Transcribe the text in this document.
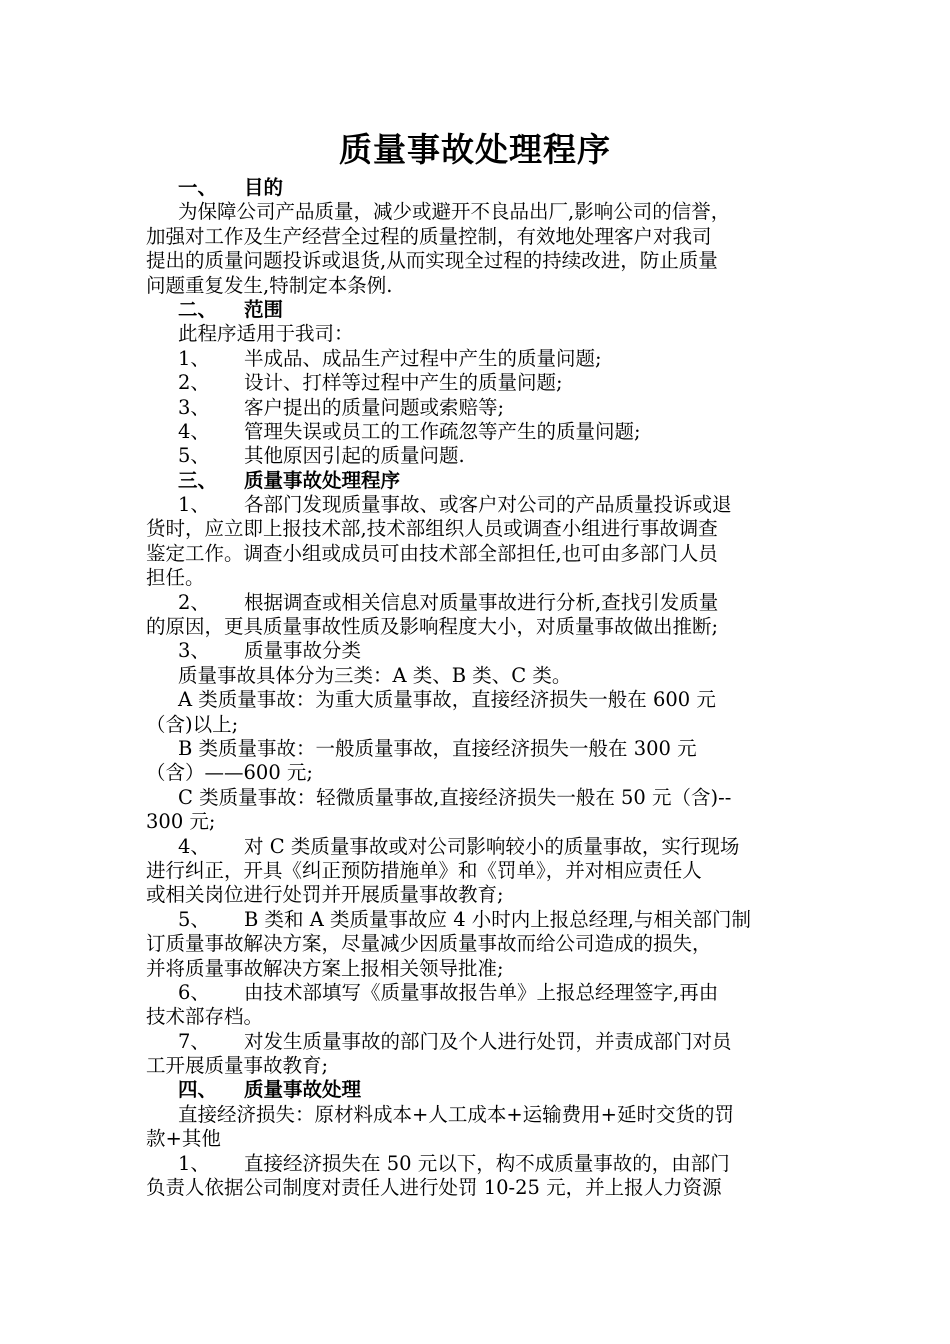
质量事故处理程序
一、 目的
为保障公司产品质量，减少或避开不良品出厂,影响公司的信誉，
加强对工作及生产经营全过程的质量控制，有效地处理客户对我司
提出的质量问题投诉或退货,从而实现全过程的持续改进，防止质量
问题重复发生,特制定本条例.
二、 范围
此程序适用于我司：
1、 半成品、成品生产过程中产生的质量问题;
2、 设计、打样等过程中产生的质量问题;
3、 客户提出的质量问题或索赔等;
4、 管理失误或员工的工作疏忽等产生的质量问题;
5、 其他原因引起的质量问题.
三、 质量事故处理程序
1、 各部门发现质量事故、或客户对公司的产品质量投诉或退
货时，应立即上报技术部,技术部组织人员或调查小组进行事故调查
鉴定工作。调查小组或成员可由技术部全部担任,也可由多部门人员
担任。
2、 根据调查或相关信息对质量事故进行分析,查找引发质量
的原因，更具质量事故性质及影响程度大小，对质量事故做出推断;
3、 质量事故分类
质量事故具体分为三类：A 类、B 类、C 类。
A 类质量事故：为重大质量事故，直接经济损失一般在 600 元
（含)以上;
B 类质量事故：一般质量事故，直接经济损失一般在 300 元
（含）——600 元;
C 类质量事故：轻微质量事故,直接经济损失一般在 50 元（含)--
300 元;
4、 对 C 类质量事故或对公司影响较小的质量事故，实行现场
进行纠正，开具《纠正预防措施单》和《罚单》，并对相应责任人
或相关岗位进行处罚并开展质量事故教育;
5、 B 类和 A 类质量事故应 4 小时内上报总经理,与相关部门制
订质量事故解决方案，尽量减少因质量事故而给公司造成的损失，
并将质量事故解决方案上报相关领导批准;
6、 由技术部填写《质量事故报告单》上报总经理签字,再由
技术部存档。
7、 对发生质量事故的部门及个人进行处罚，并责成部门对员
工开展质量事故教育;
四、 质量事故处理
直接经济损失：原材料成本+人工成本+运输费用+延时交货的罚
款+其他
1、 直接经济损失在 50 元以下，构不成质量事故的，由部门
负责人依据公司制度对责任人进行处罚 10-25 元，并上报人力资源
